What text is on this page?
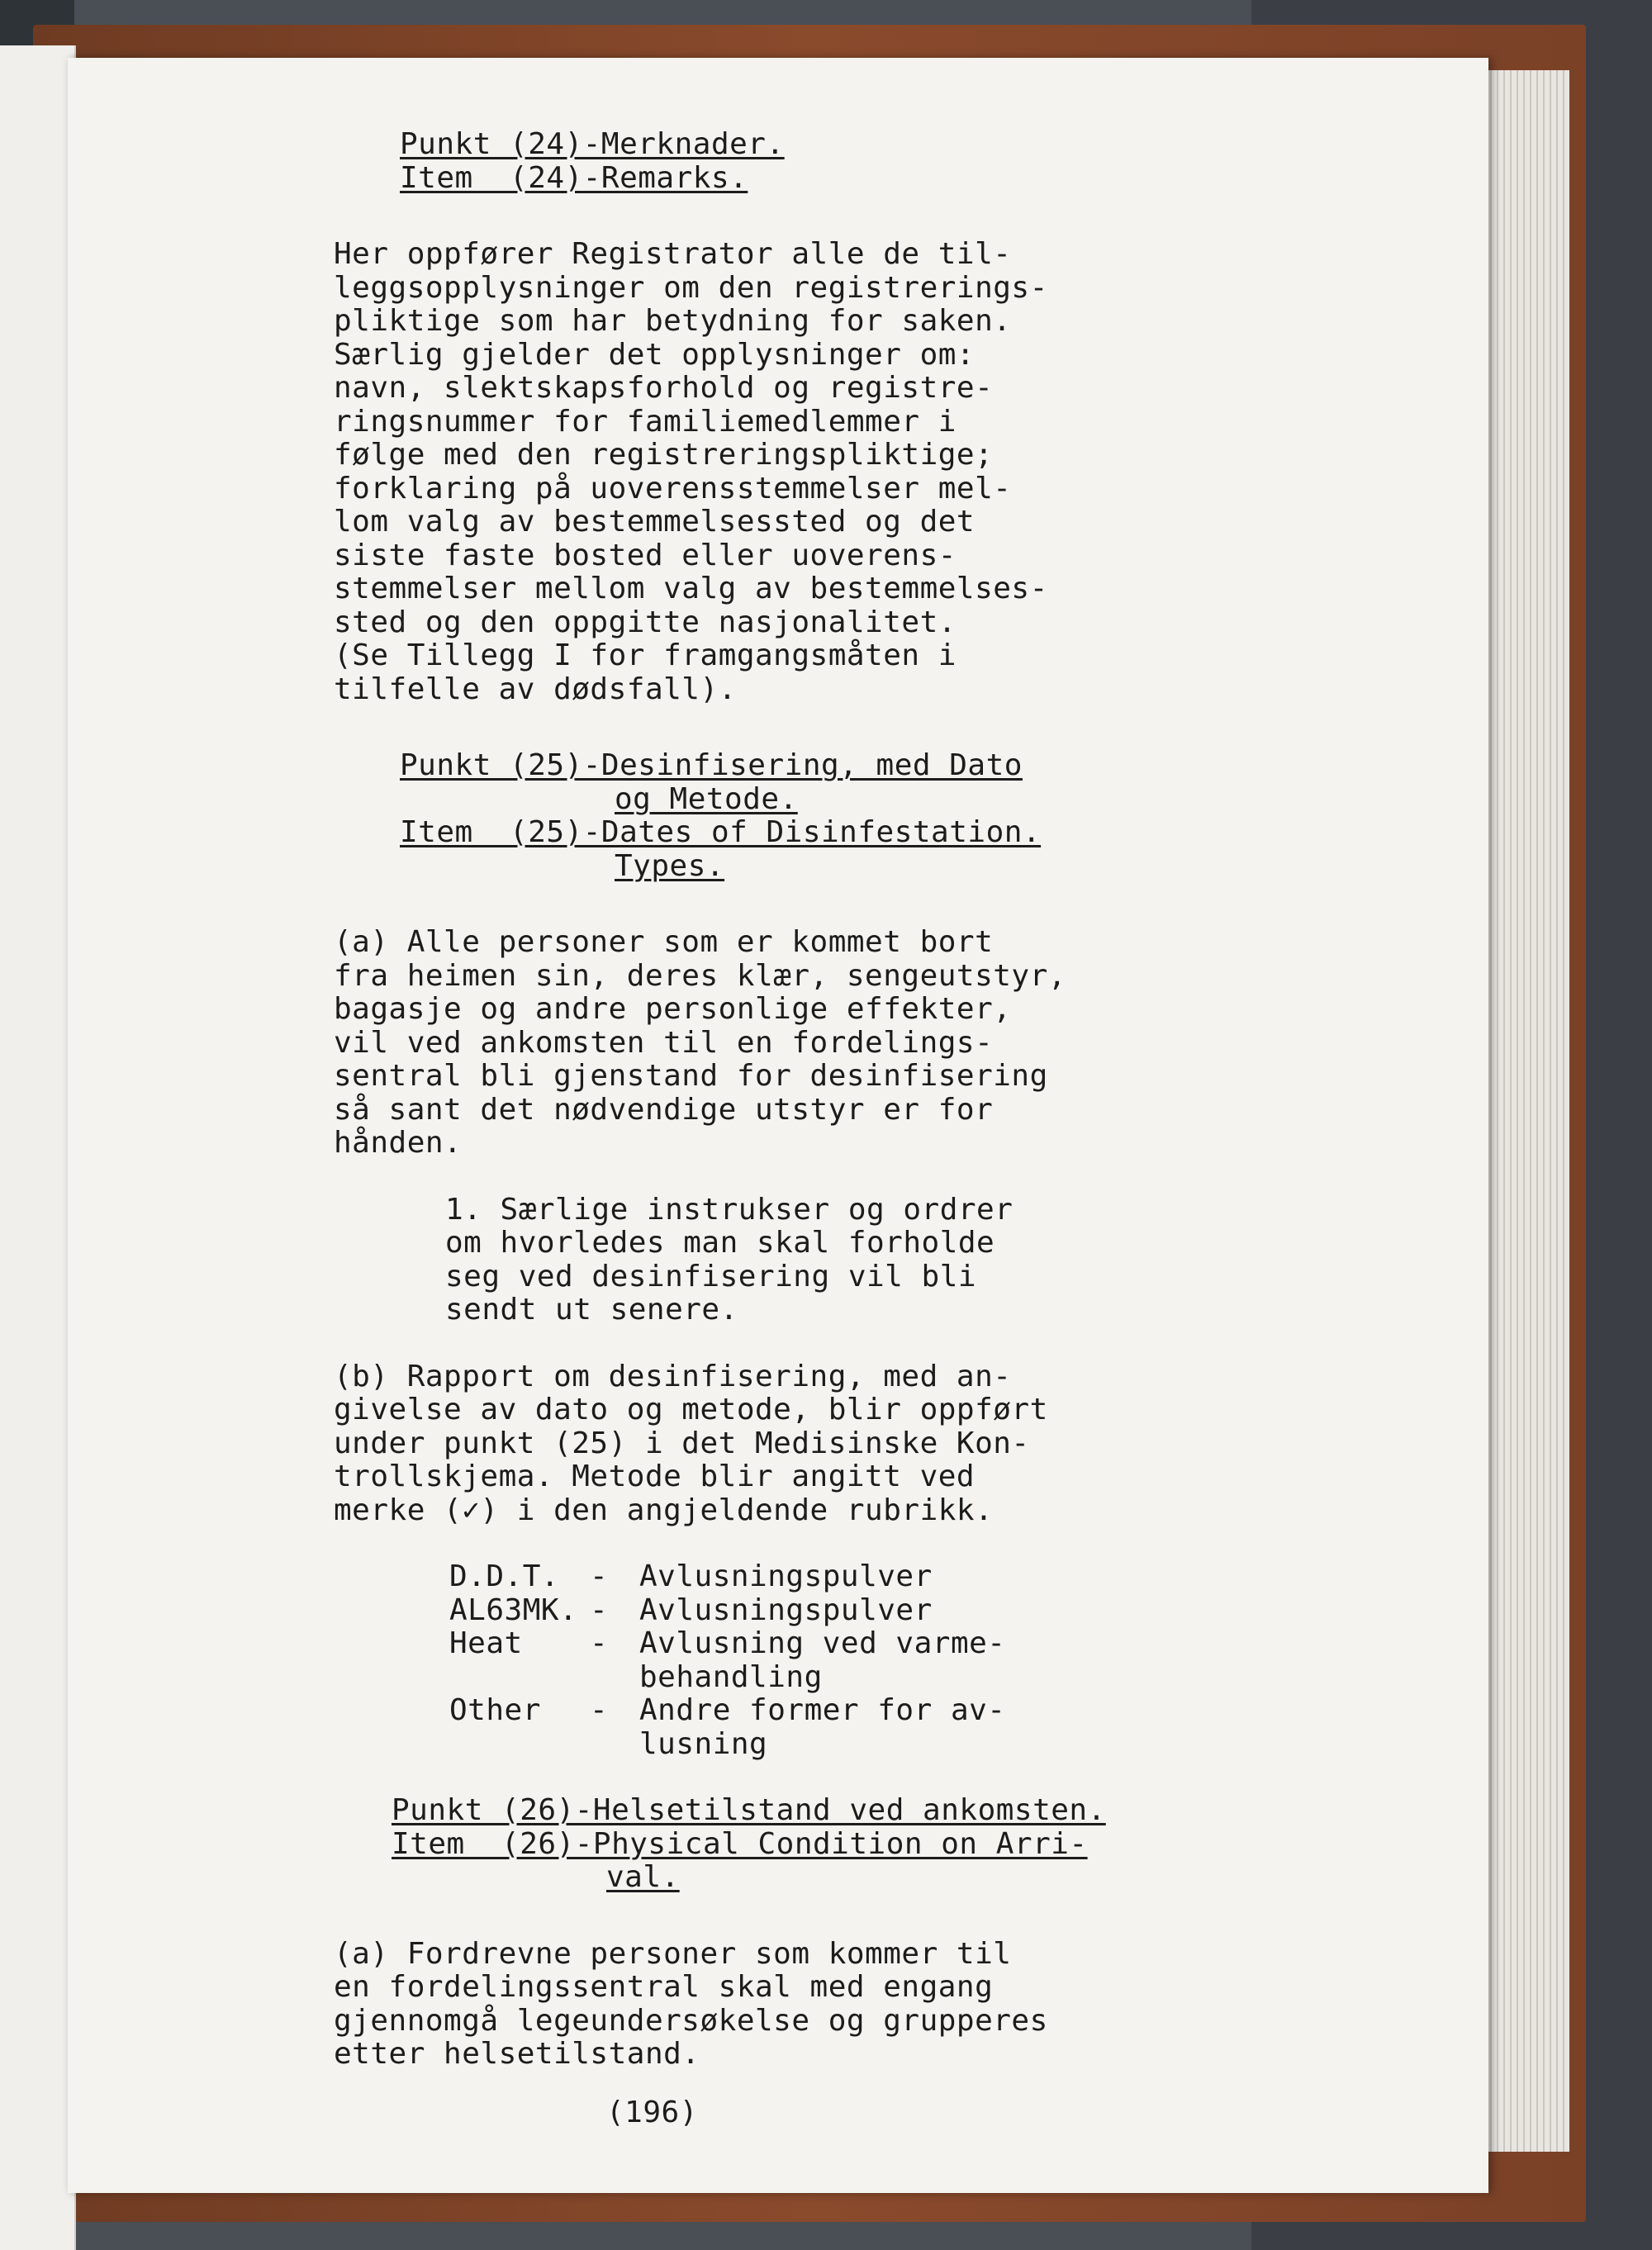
Punkt (24)-Merknader.
Item  (24)-Remarks.

Her oppfører Registrator alle de til-
leggsopplysninger om den registrerings-
pliktige som har betydning for saken.
Særlig gjelder det opplysninger om:
navn, slektskapsforhold og registre-
ringsnummer for familiemedlemmer i
følge med den registreringspliktige;
forklaring på uoverensstemmelser mel-
lom valg av bestemmelsessted og det
siste faste bosted eller uoverens-
stemmelser mellom valg av bestemmelses-
sted og den oppgitte nasjonalitet.
(Se Tillegg I for framgangsmåten i
tilfelle av dødsfall).

Punkt (25)-Desinfisering, med Dato
og Metode.
Item  (25)-Dates of Disinfestation.
Types.

(a) Alle personer som er kommet bort
fra heimen sin, deres klær, sengeutstyr,
bagasje og andre personlige effekter,
vil ved ankomsten til en fordelings-
sentral bli gjenstand for desinfisering
så sant det nødvendige utstyr er for
hånden.

1. Særlige instrukser og ordrer
om hvorledes man skal forholde
seg ved desinfisering vil bli
sendt ut senere.

(b) Rapport om desinfisering, med an-
givelse av dato og metode, blir oppført
under punkt (25) i det Medisinske Kon-
trollskjema. Metode blir angitt ved
merke (✓) i den angjeldende rubrikk.

D.D.T.	-	Avlusningspulver
AL63MK. -	Avlusningspulver
Heat	-	Avlusning ved varme-
behandling
Other	-	Andre former for av-
lusning
Punkt (26)-Helsetilstand ved ankomsten.
Item  (26)-Physical Condition on Arri-
val.

(a) Fordrevne personer som kommer til
en fordelingssentral skal med engang
gjennomgå legeundersøkelse og grupperes
etter helsetilstand.

(196)
